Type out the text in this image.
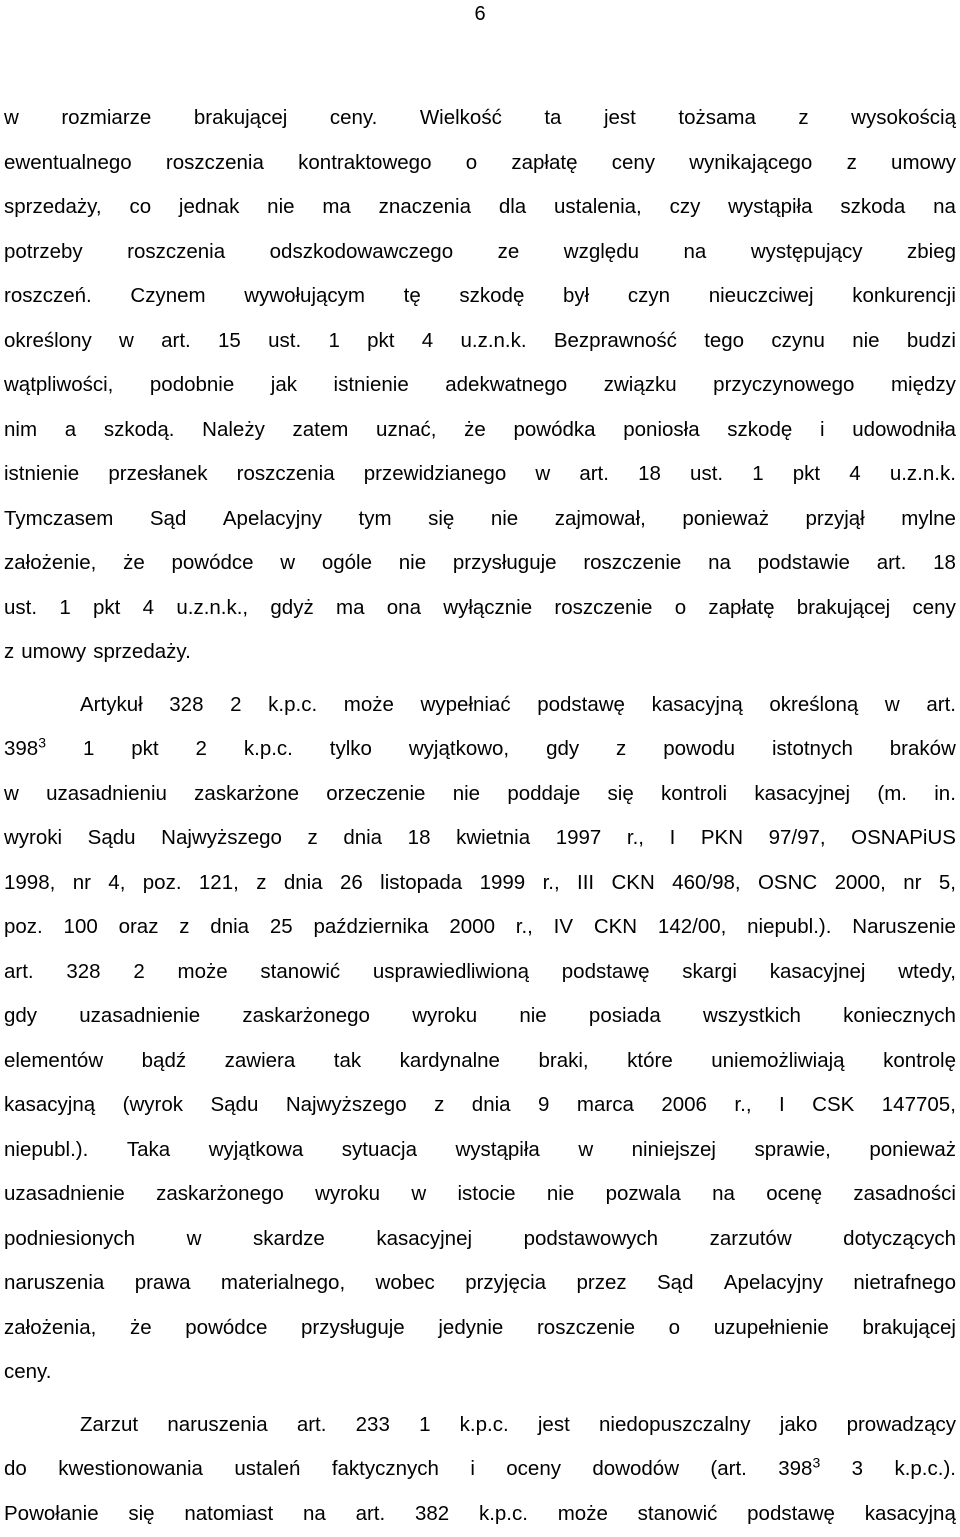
6
w rozmiarze brakującej ceny. Wielkość ta jest tożsama z wysokością
ewentualnego roszczenia kontraktowego o zapłatę ceny wynikającego z umowy
sprzedaży, co jednak nie ma znaczenia dla ustalenia, czy wystąpiła szkoda na
potrzeby roszczenia odszkodowawczego ze względu na występujący zbieg
roszczeń. Czynem wywołującym tę szkodę był czyn nieuczciwej konkurencji
określony w art. 15 ust. 1 pkt 4 u.z.n.k. Bezprawność tego czynu nie budzi
wątpliwości, podobnie jak istnienie adekwatnego związku przyczynowego między
nim a szkodą. Należy zatem uznać, że powódka poniosła szkodę i udowodniła
istnienie przesłanek roszczenia przewidzianego w art. 18 ust. 1 pkt 4 u.z.n.k.
Tymczasem Sąd Apelacyjny tym się nie zajmował, ponieważ przyjął mylne
założenie, że powódce w ogóle nie przysługuje roszczenie na podstawie art. 18
ust. 1 pkt 4 u.z.n.k., gdyż ma ona wyłącznie roszczenie o zapłatę brakującej ceny
z umowy sprzedaży.
Artykuł 328 2 k.p.c. może wypełniać podstawę kasacyjną określoną w art.
$398^3$ 1 pkt 2 k.p.c. tylko wyjątkowo, gdy z powodu istotnych braków
w uzasadnieniu zaskarżone orzeczenie nie poddaje się kontroli kasacyjnej (m. in.
wyroki Sądu Najwyższego z dnia 18 kwietnia 1997 r., I PKN 97/97, OSNAPiUS
1998, nr 4, poz. 121, z dnia 26 listopada 1999 r., III CKN 460/98, OSNC 2000, nr 5,
poz. 100 oraz z dnia 25 października 2000 r., IV CKN 142/00, niepubl.). Naruszenie
art. 328 2 może stanowić usprawiedliwioną podstawę skargi kasacyjnej wtedy,
gdy uzasadnienie zaskarżonego wyroku nie posiada wszystkich koniecznych
elementów bądź zawiera tak kardynalne braki, które uniemożliwiają kontrolę
kasacyjną (wyrok Sądu Najwyższego z dnia 9 marca 2006 r., I CSK 147705,
niepubl.). Taka wyjątkowa sytuacja wystąpiła w niniejszej sprawie, ponieważ
uzasadnienie zaskarżonego wyroku w istocie nie pozwala na ocenę zasadności
podniesionych	w	skardze	kasacyjnej	podstawowych	zarzutów	dotyczących
naruszenia prawa materialnego, wobec przyjęcia przez Sąd Apelacyjny nietrafnego
założenia, że powódce przysługuje jedynie roszczenie o uzupełnienie brakującej
ceny.
Zarzut naruszenia art. 233 1 k.p.c. jest niedopuszczalny jako prowadzący
do kwestionowania ustaleń faktycznych i oceny dowodów (art. $398^3$ 3 k.p.c.).
Powołanie się natomiast na art. 382 k.p.c. może stanowić podstawę kasacyjną
